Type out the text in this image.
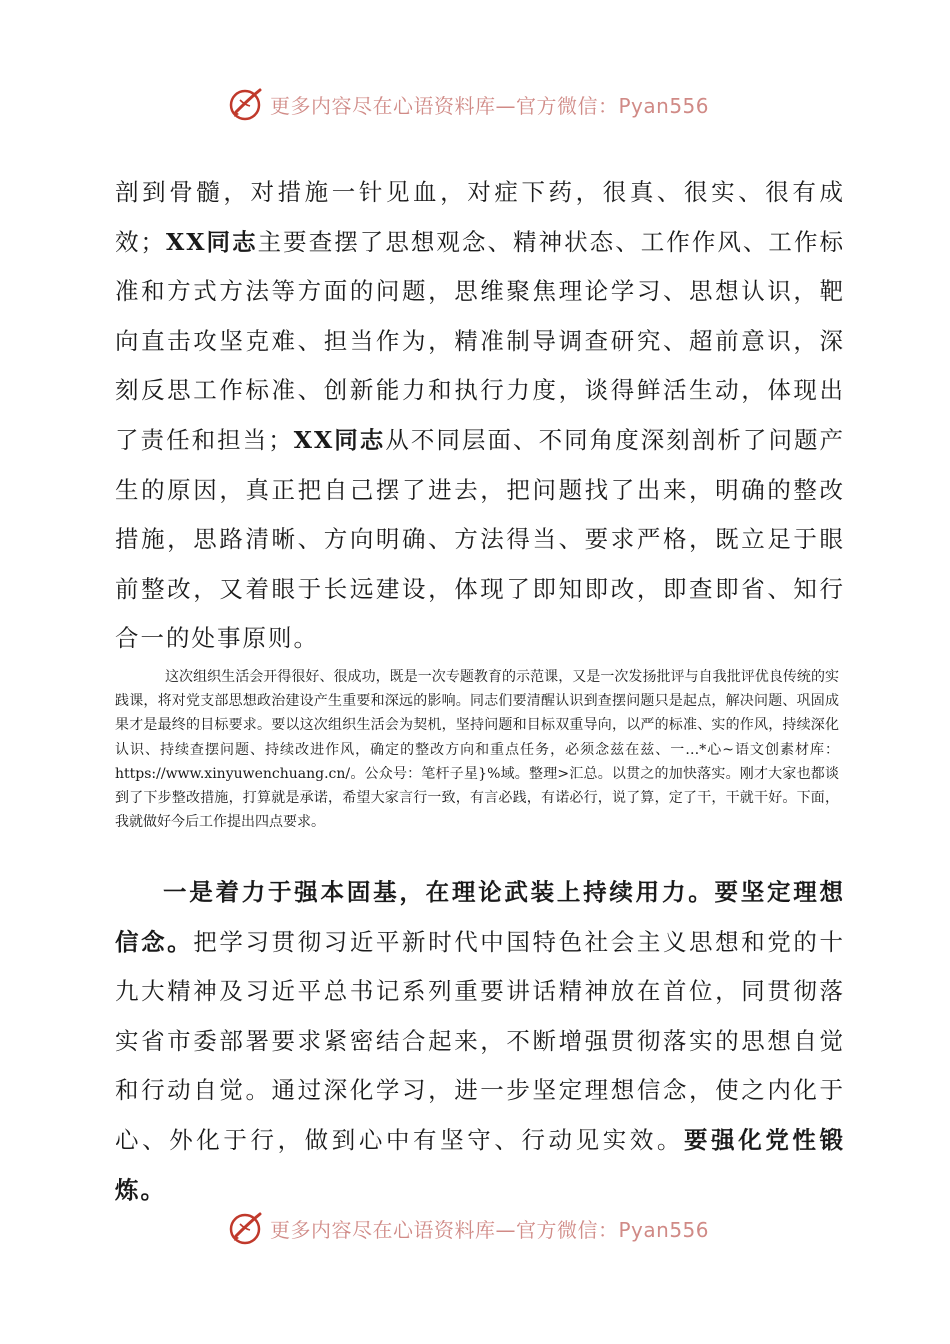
更多内容尽在心语资料库—官方微信：Pyan556

剖到骨髓，对措施一针见血，对症下药，很真、很实、很有成效；XX同志主要查摆了思想观念、精神状态、工作作风、工作标准和方式方法等方面的问题，思维聚焦理论学习、思想认识，靶向直击攻坚克难、担当作为，精准制导调查研究、超前意识，深刻反思工作标准、创新能力和执行力度，谈得鲜活生动，体现出了责任和担当；XX同志从不同层面、不同角度深刻剖析了问题产生的原因，真正把自己摆了进去，把问题找了出来，明确的整改措施，思路清晰、方向明确、方法得当、要求严格，既立足于眼前整改，又着眼于长远建设，体现了即知即改，即查即省、知行合一的处事原则。

这次组织生活会开得很好、很成功，既是一次专题教育的示范课，又是一次发扬批评与自我批评优良传统的实践课，将对党支部思想政治建设产生重要和深远的影响。同志们要清醒认识到查摆问题只是起点，解决问题、巩固成果才是最终的目标要求。要以这次组织生活会为契机，坚持问题和目标双重导向，以严的标准、实的作风，持续深化认识、持续查摆问题、持续改进作风，确定的整改方向和重点任务，必须念兹在兹、一…*心~语文创素材库：https://www.xinyuwenchuang.cn/。公众号：笔杆子星}%域。整理>汇总。以贯之的加快落实。刚才大家也都谈到了下步整改措施，打算就是承诺，希望大家言行一致，有言必践，有诺必行，说了算，定了干，干就干好。下面，我就做好今后工作提出四点要求。

一是着力于强本固基，在理论武装上持续用力。要坚定理想信念。把学习贯彻习近平新时代中国特色社会主义思想和党的十九大精神及习近平总书记系列重要讲话精神放在首位，同贯彻落实省市委部署要求紧密结合起来，不断增强贯彻落实的思想自觉和行动自觉。通过深化学习，进一步坚定理想信念，使之内化于心、外化于行，做到心中有坚守、行动见实效。要强化党性锻炼。

更多内容尽在心语资料库—官方微信：Pyan556
